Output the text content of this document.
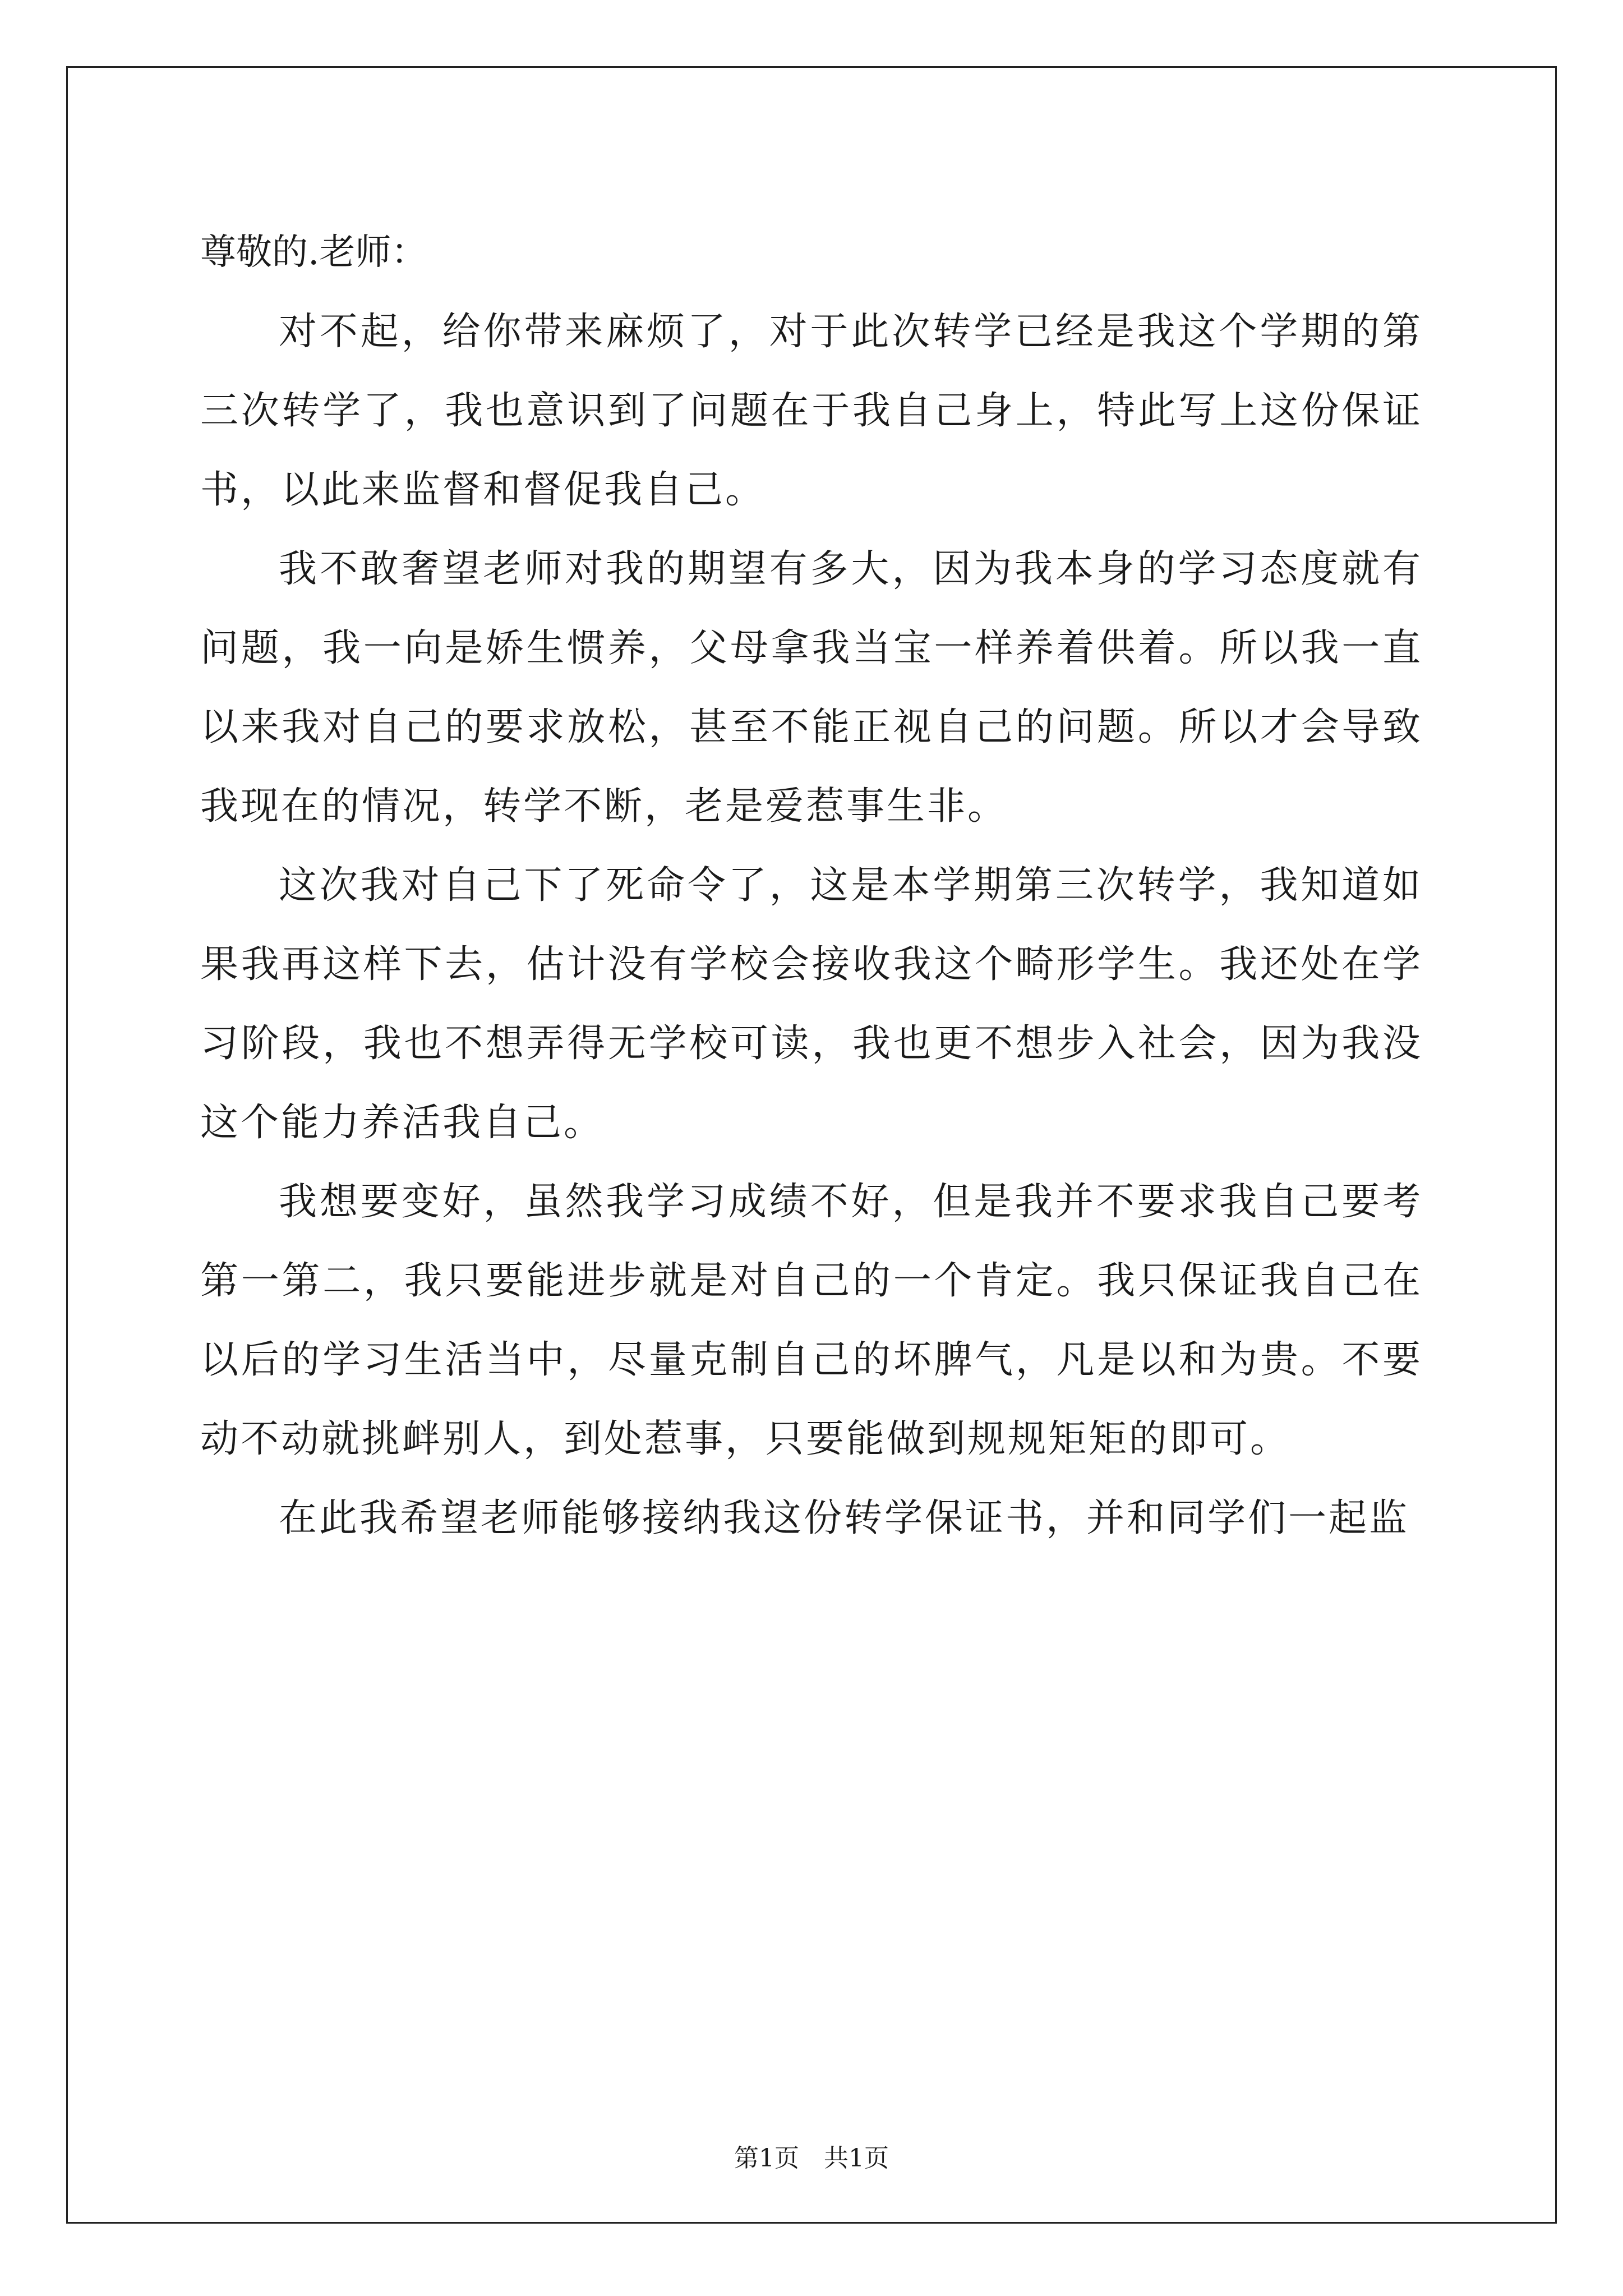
尊敬的.老师：

对不起，给你带来麻烦了，对于此次转学已经是我这个学期的第三次转学了，我也意识到了问题在于我自己身上，特此写上这份保证书，以此来监督和督促我自己。

我不敢奢望老师对我的期望有多大，因为我本身的学习态度就有问题，我一向是娇生惯养，父母拿我当宝一样养着供着。所以我一直以来我对自己的要求放松，甚至不能正视自己的问题。所以才会导致我现在的情况，转学不断，老是爱惹事生非。

这次我对自己下了死命令了，这是本学期第三次转学，我知道如果我再这样下去，估计没有学校会接收我这个畸形学生。我还处在学习阶段，我也不想弄得无学校可读，我也更不想步入社会，因为我没这个能力养活我自己。

我想要变好，虽然我学习成绩不好，但是我并不要求我自己要考第一第二，我只要能进步就是对自己的一个肯定。我只保证我自己在以后的学习生活当中，尽量克制自己的坏脾气，凡是以和为贵。不要动不动就挑衅别人，到处惹事，只要能做到规规矩矩的即可。

在此我希望老师能够接纳我这份转学保证书，并和同学们一起监

第1页　共1页
